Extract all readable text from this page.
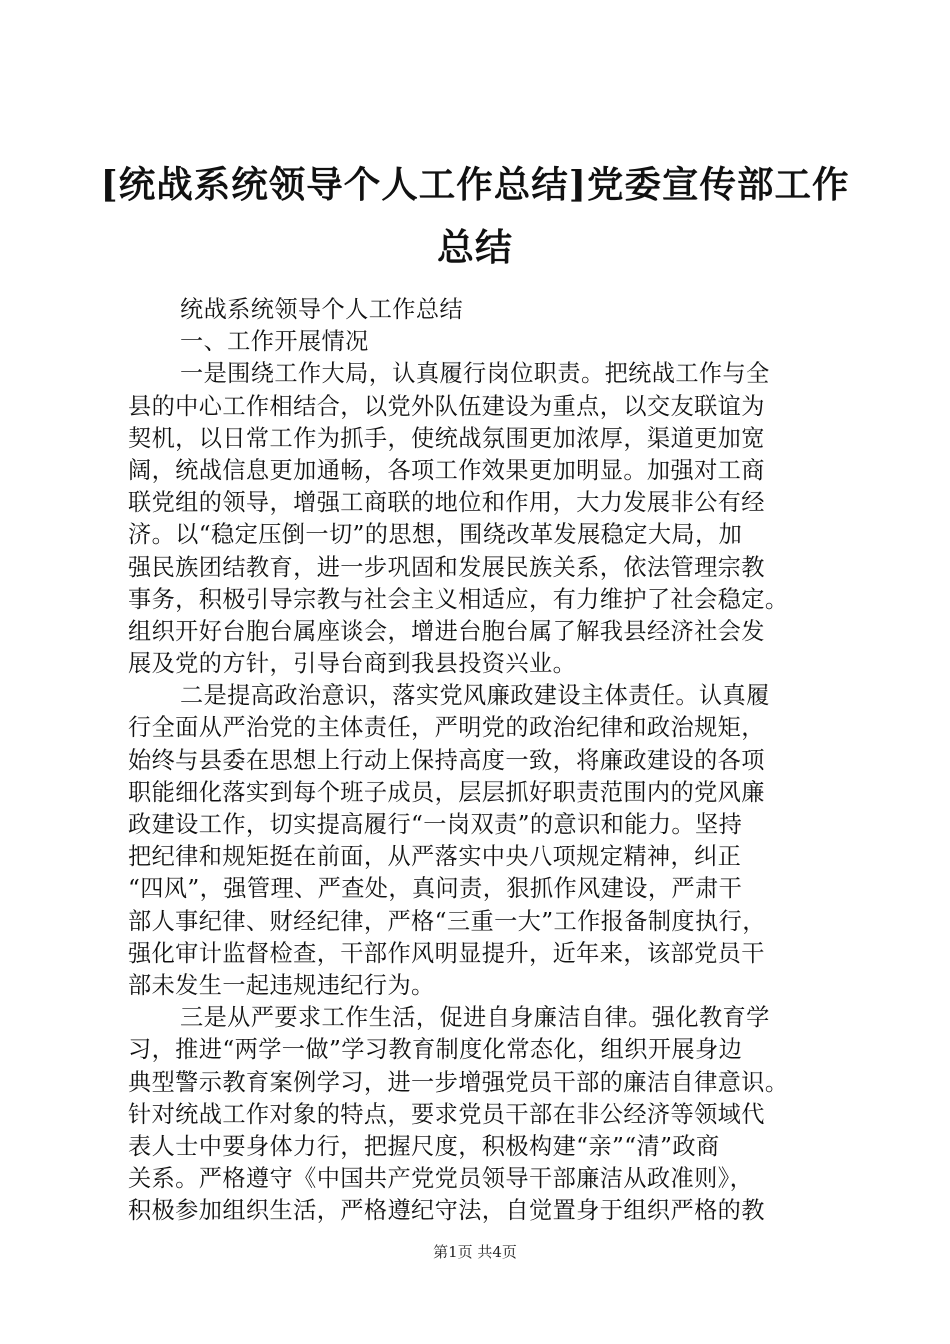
[统战系统领导个人工作总结]党委宣传部工作
总结
统战系统领导个人工作总结
一、工作开展情况
一是围绕工作大局，认真履行岗位职责。把统战工作与全
县的中心工作相结合，以党外队伍建设为重点，以交友联谊为
契机，以日常工作为抓手，使统战氛围更加浓厚，渠道更加宽
阔，统战信息更加通畅，各项工作效果更加明显。加强对工商
联党组的领导，增强工商联的地位和作用，大力发展非公有经
济。以“稳定压倒一切”的思想，围绕改革发展稳定大局，加
强民族团结教育，进一步巩固和发展民族关系，依法管理宗教
事务，积极引导宗教与社会主义相适应，有力维护了社会稳定。
组织开好台胞台属座谈会，增进台胞台属了解我县经济社会发
展及党的方针，引导台商到我县投资兴业。
二是提高政治意识，落实党风廉政建设主体责任。认真履
行全面从严治党的主体责任，严明党的政治纪律和政治规矩，
始终与县委在思想上行动上保持高度一致，将廉政建设的各项
职能细化落实到每个班子成员，层层抓好职责范围内的党风廉
政建设工作，切实提高履行“一岗双责”的意识和能力。坚持
把纪律和规矩挺在前面，从严落实中央八项规定精神，纠正
“四风”，强管理、严查处，真问责，狠抓作风建设，严肃干
部人事纪律、财经纪律，严格“三重一大”工作报备制度执行，
强化审计监督检查，干部作风明显提升，近年来，该部党员干
部未发生一起违规违纪行为。
三是从严要求工作生活，促进自身廉洁自律。强化教育学
习，推进“两学一做”学习教育制度化常态化，组织开展身边
典型警示教育案例学习，进一步增强党员干部的廉洁自律意识。
针对统战工作对象的特点，要求党员干部在非公经济等领域代
表人士中要身体力行，把握尺度，积极构建“亲”“清”政商
关系。严格遵守《中国共产党党员领导干部廉洁从政准则》，
积极参加组织生活，严格遵纪守法，自觉置身于组织严格的教
第1页 共4页
